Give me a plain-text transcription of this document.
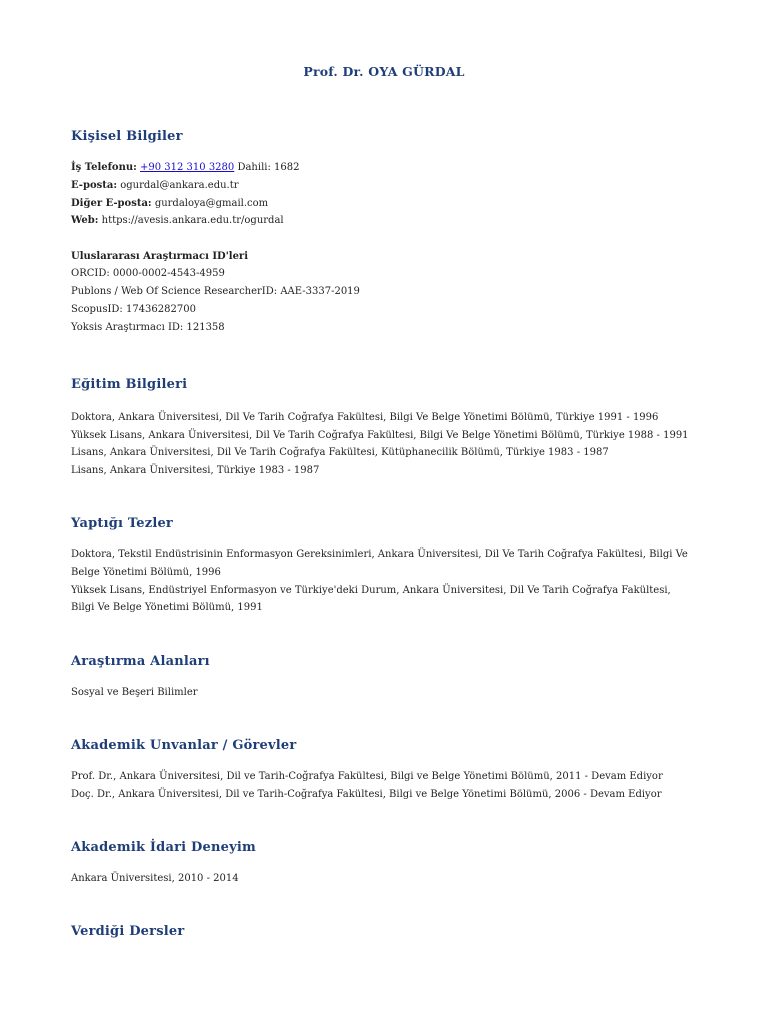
Prof. Dr. OYA GÜRDAL
Kişisel Bilgiler
İş Telefonu: +90 312 310 3280 Dahili: 1682
E-posta: ogurdal@ankara.edu.tr
Diğer E-posta: gurdaloya@gmail.com
Web: https://avesis.ankara.edu.tr/ogurdal
Uluslararası Araştırmacı ID'leri
ORCID: 0000-0002-4543-4959
Publons / Web Of Science ResearcherID: AAE-3337-2019
ScopusID: 17436282700
Yoksis Araştırmacı ID: 121358
Eğitim Bilgileri
Doktora, Ankara Üniversitesi, Dil Ve Tarih Coğrafya Fakültesi, Bilgi Ve Belge Yönetimi Bölümü, Türkiye 1991 - 1996
Yüksek Lisans, Ankara Üniversitesi, Dil Ve Tarih Coğrafya Fakültesi, Bilgi Ve Belge Yönetimi Bölümü, Türkiye 1988 - 1991
Lisans, Ankara Üniversitesi, Dil Ve Tarih Coğrafya Fakültesi, Kütüphanecilik Bölümü, Türkiye 1983 - 1987
Lisans, Ankara Üniversitesi, Türkiye 1983 - 1987
Yaptığı Tezler
Doktora, Tekstil Endüstrisinin Enformasyon Gereksinimleri, Ankara Üniversitesi, Dil Ve Tarih Coğrafya Fakültesi, Bilgi Ve
Belge Yönetimi Bölümü, 1996
Yüksek Lisans, Endüstriyel Enformasyon ve Türkiye'deki Durum, Ankara Üniversitesi, Dil Ve Tarih Coğrafya Fakültesi,
Bilgi Ve Belge Yönetimi Bölümü, 1991
Araştırma Alanları
Sosyal ve Beşeri Bilimler
Akademik Unvanlar / Görevler
Prof. Dr., Ankara Üniversitesi, Dil ve Tarih-Coğrafya Fakültesi, Bilgi ve Belge Yönetimi Bölümü, 2011 - Devam Ediyor
Doç. Dr., Ankara Üniversitesi, Dil ve Tarih-Coğrafya Fakültesi, Bilgi ve Belge Yönetimi Bölümü, 2006 - Devam Ediyor
Akademik İdari Deneyim
Ankara Üniversitesi, 2010 - 2014
Verdiği Dersler
